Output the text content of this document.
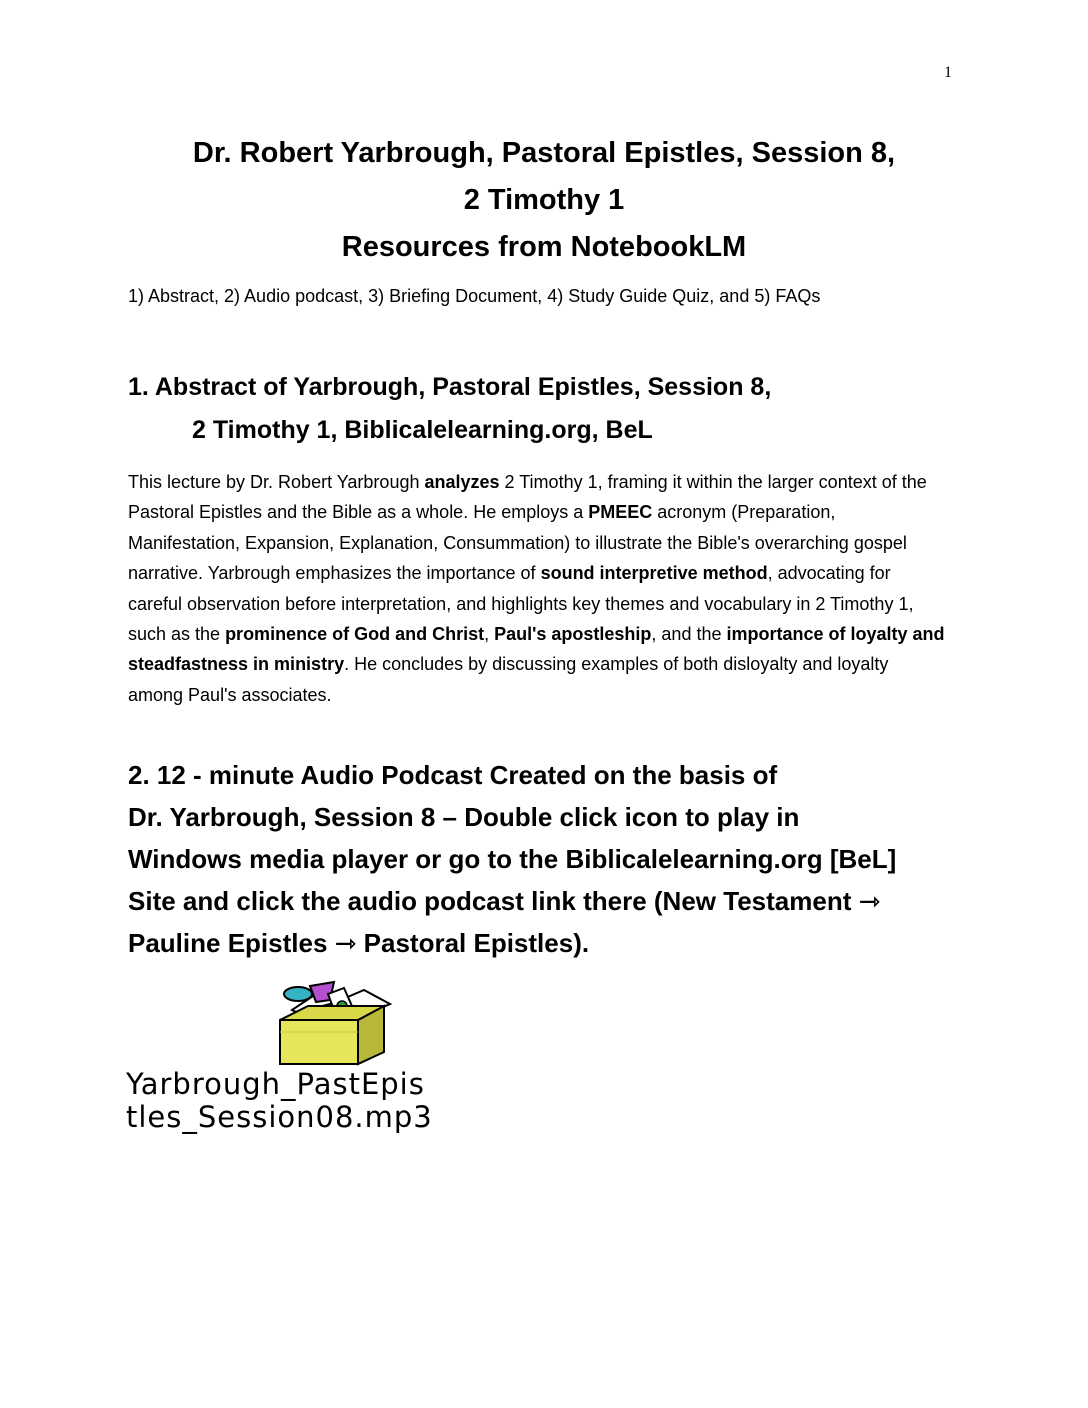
1
Dr. Robert Yarbrough, Pastoral Epistles, Session 8,
2 Timothy 1
Resources from NotebookLM
1) Abstract, 2) Audio podcast, 3) Briefing Document, 4) Study Guide Quiz, and 5) FAQs
1. Abstract of Yarbrough, Pastoral Epistles, Session 8,
2 Timothy 1, Biblicalelearning.org, BeL

This lecture by Dr. Robert Yarbrough analyzes 2 Timothy 1, framing it within the larger context of the Pastoral Epistles and the Bible as a whole. He employs a PMEEC acronym (Preparation, Manifestation, Expansion, Explanation, Consummation) to illustrate the Bible's overarching gospel narrative. Yarbrough emphasizes the importance of sound interpretive method, advocating for careful observation before interpretation, and highlights key themes and vocabulary in 2 Timothy 1, such as the prominence of God and Christ, Paul's apostleship, and the importance of loyalty and steadfastness in ministry. He concludes by discussing examples of both disloyalty and loyalty among Paul's associates.

2. 12 - minute Audio Podcast Created on the basis of
Dr. Yarbrough, Session 8 – Double click icon to play in
Windows media player or go to the Biblicalelearning.org [BeL]
Site and click the audio podcast link there (New Testament ⇾
Pauline Epistles ⇾ Pastoral Epistles).
Yarbrough_PastEpis
tles_Session08.mp3
